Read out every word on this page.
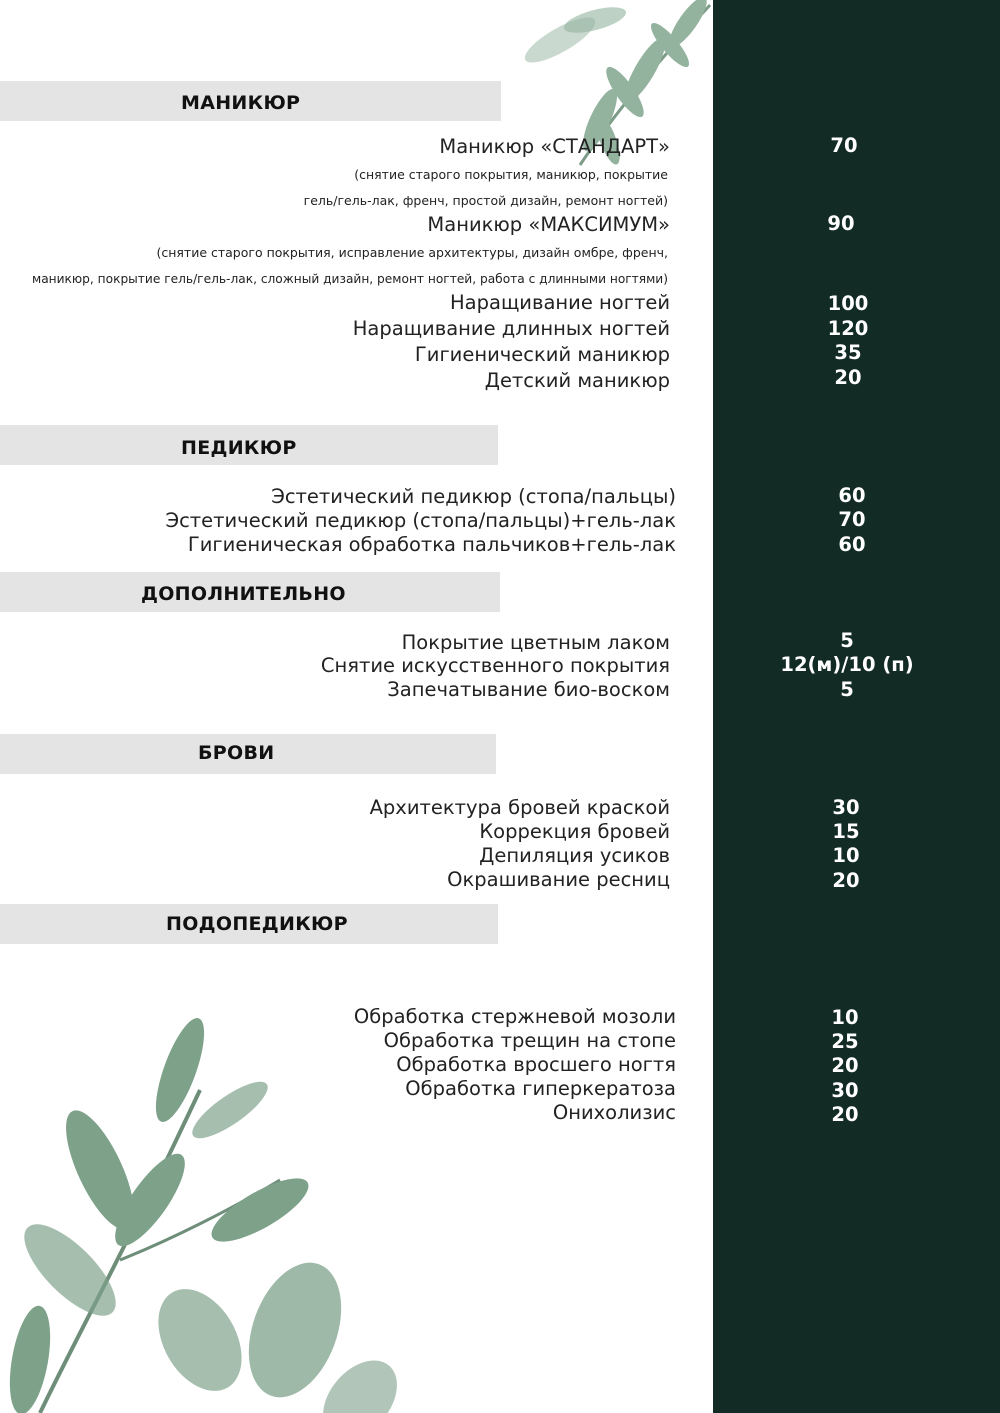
МАНИКЮР
Маникюр «СТАНДАРТ»	70
(снятие старого покрытия, маникюр, покрытие
гель/гель-лак, френч, простой дизайн, ремонт ногтей)
Маникюр «МАКСИМУМ»	90
(снятие старого покрытия, исправление архитектуры, дизайн омбре, френч,
маникюр, покрытие гель/гель-лак, сложный дизайн, ремонт ногтей, работа с длинными ногтями)
Наращивание ногтей	100
Наращивание длинных ногтей	120
Гигиенический маникюр	35
Детский маникюр	20
ПЕДИКЮР
Эстетический педикюр (стопа/пальцы)	60
Эстетический педикюр (стопа/пальцы)+гель-лак	70
Гигиеническая обработка пальчиков+гель-лак	60
ДОПОЛНИТЕЛЬНО
Покрытие цветным лаком	5
Снятие искусственного покрытия	12(м)/10 (п)
Запечатывание био-воском	5
БРОВИ
Архитектура бровей краской	30
Коррекция бровей	15
Депиляция усиков	10
Окрашивание ресниц	20
ПОДОПЕДИКЮР
Обработка стержневой мозоли	10
Обработка трещин на стопе	25
Обработка вросшего ногтя	20
Обработка гиперкератоза	30
Онихолизис	20
